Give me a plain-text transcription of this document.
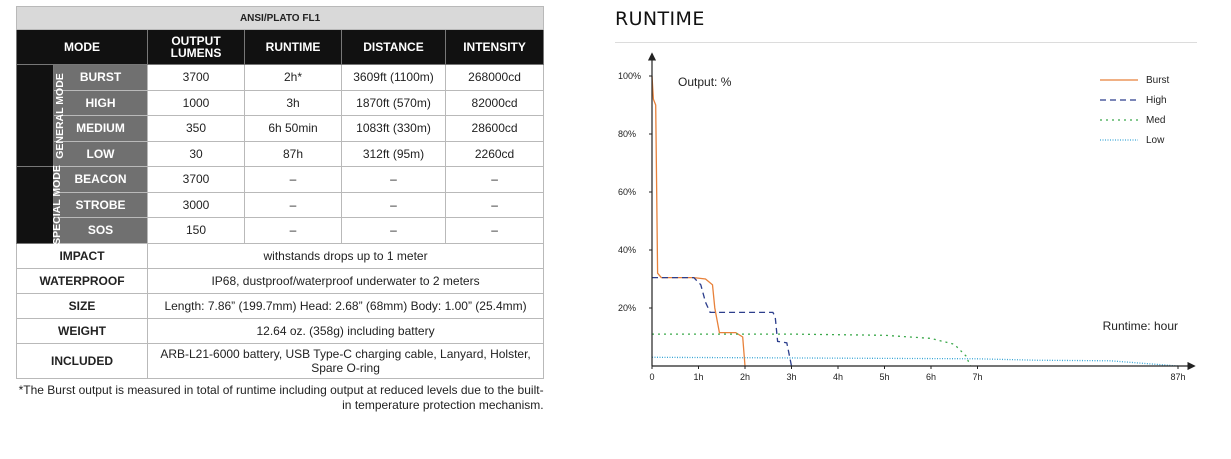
ANSI/PLATO FL1					
MODE		OUTPUT LUMENS	RUNTIME	DISTANCE	INTENSITY
GENERAL MODE	BURST	3700	2h*	3609ft (1100m)	268000cd
	HIGH	1000	3h	1870ft (570m)	82000cd
	MEDIUM	350	6h 50min	1083ft (330m)	28600cd
	LOW	30	87h	312ft (95m)	2260cd
SPECIAL MODE	BEACON	3700	–	–	–
	STROBE	3000	–	–	–
	SOS	150	–	–	–
IMPACT		withstands drops up to 1 meter			
WATERPROOF		IP68, dustproof/waterproof underwater to 2 meters			
SIZE		Length: 7.86” (199.7mm) Head: 2.68” (68mm) Body: 1.00” (25.4mm)			
WEIGHT		12.64 oz. (358g) including battery			
INCLUDED		ARB-L21-6000 battery, USB Type-C charging cable, Lanyard, Holster, Spare O-ring			
*The Burst output is measured in total of runtime including output at reduced levels due to the built-in temperature protection mechanism.					
RUNTIME
100%
80%
60%
40%
20%
0	1h	2h	3h	4h	5h	6h	7h	87h
Output: %
Runtime: hour
Burst
High
Med
Low
